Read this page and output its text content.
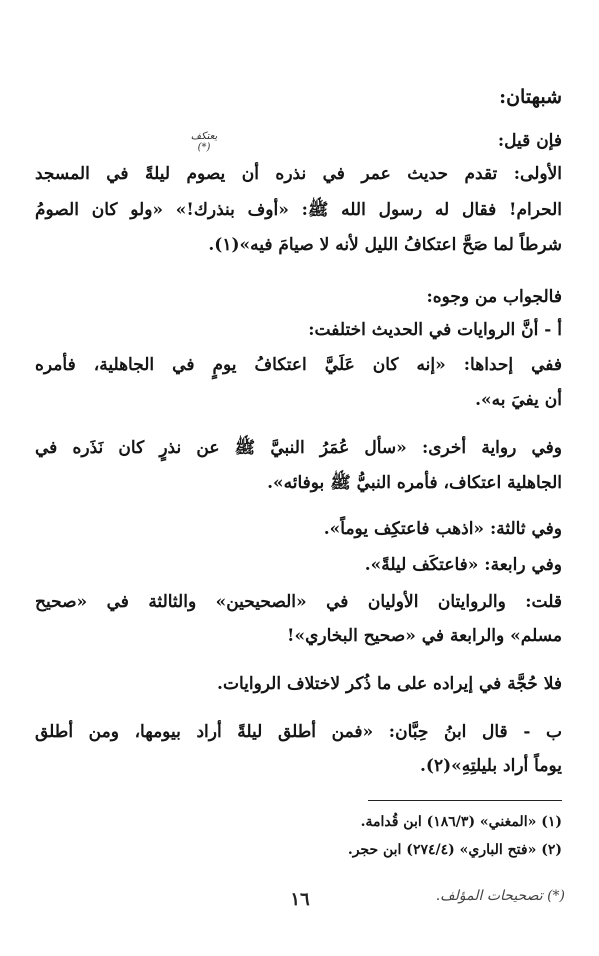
شبهتان:
يعتكف (*)	فإن قيل:
الأولى: تقدم حديث عمر في نذره أن يصوم ليلةً في المسجد
الحرام! فقال له رسول الله ﷺ: «أوف بنذرك!» «ولو كان الصومُ
شرطاً لما صَحَّ اعتكافُ الليل لأنه لا صيامَ فيه»(١).
فالجواب من وجوه:
أ - أنَّ الروايات في الحديث اختلفت:
ففي إحداها: «إنه كان عَلَيَّ اعتكافُ يومٍ في الجاهلية، فأمره
أن يفيَ به».
وفي رواية أخرى: «سأل عُمَرُ النبيَّ ﷺ عن نذرٍ كان نَذَره في
الجاهلية اعتكاف، فأمره النبيُّ ﷺ بوفائه».
وفي ثالثة: «اذهب فاعتكِف يوماً».
وفي رابعة: «فاعتكَف ليلةً».
قلت: والروايتان الأوليان في «الصحيحين» والثالثة في «صحيح
مسلم» والرابعة في «صحيح البخاري»!
فلا حُجَّة في إيراده على ما ذُكر لاختلاف الروايات.
ب - قال ابنُ حِبَّان: «فمن أطلق ليلةً أراد بيومها، ومن أطلق
يوماً أراد بليلتِهِ»(٢).
(١) «المغني» (١٨٦/٣) ابن قُدامة.
(٢) «فتح الباري» (٢٧٤/٤) ابن حجر.
١٦	(*) تصحيحات المؤلف.
